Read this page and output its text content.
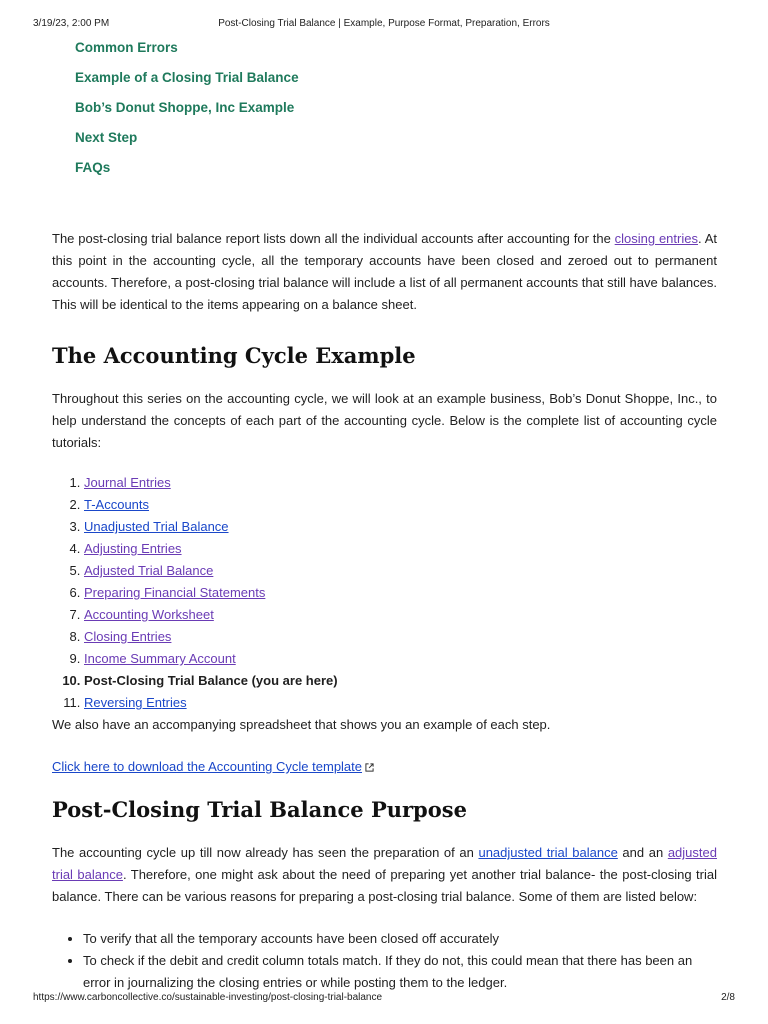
Post-Closing Trial Balance | Example, Purpose Format, Preparation, Errors
3/19/23, 2:00 PM
Common Errors
Example of a Closing Trial Balance
Bob’s Donut Shoppe, Inc Example
Next Step
FAQs

The post-closing trial balance report lists down all the individual accounts after accounting for the closing entries. At this point in the accounting cycle, all the temporary accounts have been closed and zeroed out to permanent accounts. Therefore, a post-closing trial balance will include a list of all permanent accounts that still have balances. This will be identical to the items appearing on a balance sheet.

The Accounting Cycle Example

Throughout this series on the accounting cycle, we will look at an example business, Bob’s Donut Shoppe, Inc., to help understand the concepts of each part of the accounting cycle. Below is the complete list of accounting cycle tutorials:

1. Journal Entries
2. T-Accounts
3. Unadjusted Trial Balance
4. Adjusting Entries
5. Adjusted Trial Balance
6. Preparing Financial Statements
7. Accounting Worksheet
8. Closing Entries
9. Income Summary Account
10. Post-Closing Trial Balance (you are here)
11. Reversing Entries

We also have an accompanying spreadsheet that shows you an example of each step.

Click here to download the Accounting Cycle template

Post-Closing Trial Balance Purpose

The accounting cycle up till now already has seen the preparation of an unadjusted trial balance and an adjusted trial balance. Therefore, one might ask about the need of preparing yet another trial balance- the post-closing trial balance. There can be various reasons for preparing a post-closing trial balance. Some of them are listed below:

• To verify that all the temporary accounts have been closed off accurately
• To check if the debit and credit column totals match. If they do not, this could mean that there has been an error in journalizing the closing entries or while posting them to the ledger.
https://www.carboncollective.co/sustainable-investing/post-closing-trial-balance	2/8
